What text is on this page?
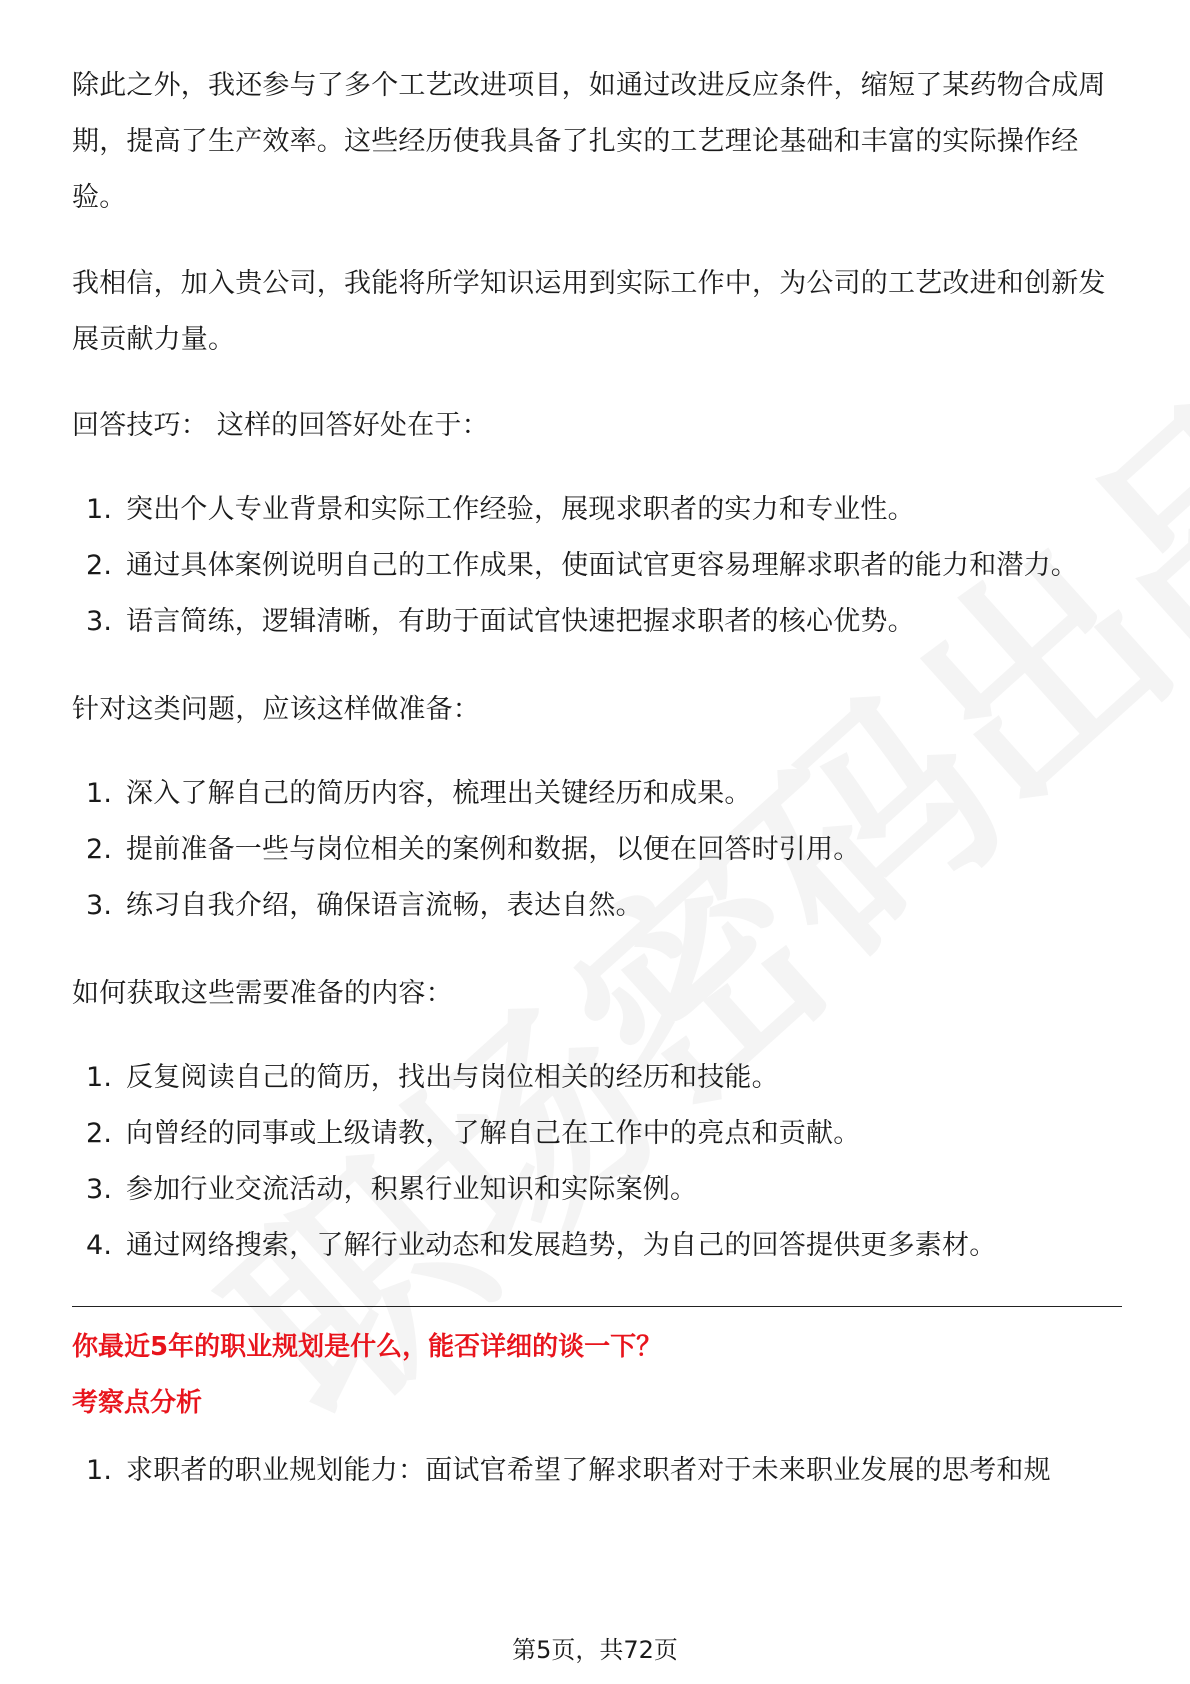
除此之外，我还参与了多个工艺改进项目，如通过改进反应条件，缩短了某药物合成周期，提高了生产效率。这些经历使我具备了扎实的工艺理论基础和丰富的实际操作经验。

我相信，加入贵公司，我能将所学知识运用到实际工作中，为公司的工艺改进和创新发展贡献力量。

回答技巧： 这样的回答好处在于：

1. 突出个人专业背景和实际工作经验，展现求职者的实力和专业性。
2. 通过具体案例说明自己的工作成果，使面试官更容易理解求职者的能力和潜力。
3. 语言简练，逻辑清晰，有助于面试官快速把握求职者的核心优势。

针对这类问题，应该这样做准备：

1. 深入了解自己的简历内容，梳理出关键经历和成果。
2. 提前准备一些与岗位相关的案例和数据，以便在回答时引用。
3. 练习自我介绍，确保语言流畅，表达自然。

如何获取这些需要准备的内容：

1. 反复阅读自己的简历，找出与岗位相关的经历和技能。
2. 向曾经的同事或上级请教，了解自己在工作中的亮点和贡献。
3. 参加行业交流活动，积累行业知识和实际案例。
4. 通过网络搜索，了解行业动态和发展趋势，为自己的回答提供更多素材。
你最近5年的职业规划是什么，能否详细的谈一下？
考察点分析
1. 求职者的职业规划能力：面试官希望了解求职者对于未来职业发展的思考和规
第5页，共72页
